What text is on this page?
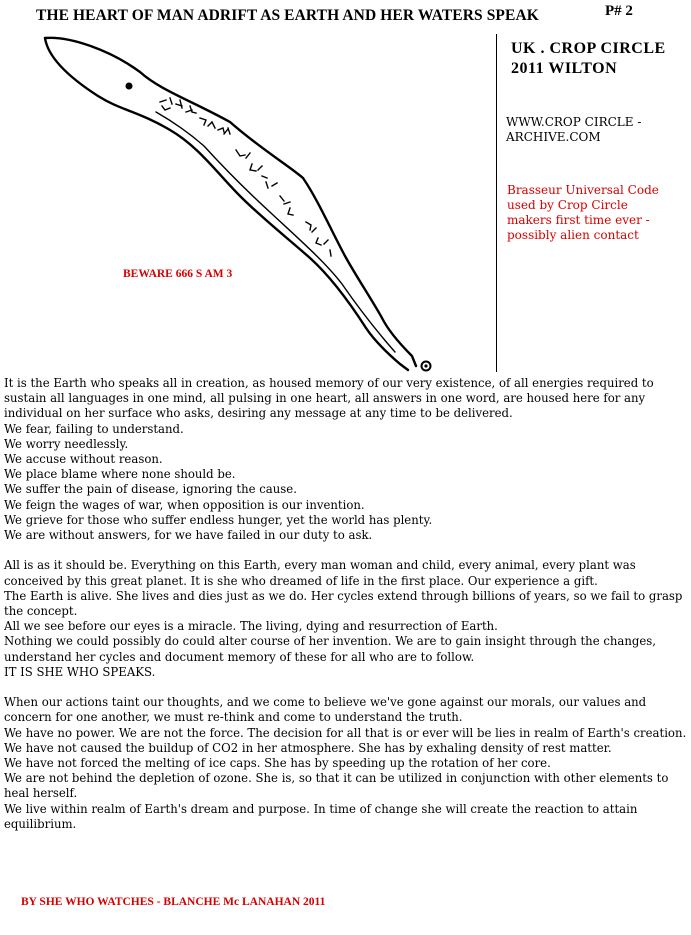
THE HEART OF MAN ADRIFT AS EARTH AND HER WATERS SPEAK	P# 2
UK . CROP CIRCLE
2011 WILTON
WWW.CROP CIRCLE -
ARCHIVE.COM
Brasseur Universal Code
used by Crop Circle
makers first time ever -
possibly alien contact
BEWARE 666 S AM 3

It is the Earth who speaks all in creation, as housed memory of our very existence, of all energies required to sustain all languages in one mind, all pulsing in one heart, all answers in one word, are housed here for any individual on her surface who asks, desiring any message at any time to be delivered.

We fear, failing to understand.

We worry needlessly.

We accuse without reason.

We place blame where none should be.

We suffer the pain of disease, ignoring the cause.

We feign the wages of war, when opposition is our invention.

We grieve for those who suffer endless hunger, yet the world has plenty.

We are without answers, for we have failed in our duty to ask.

All is as it should be. Everything on this Earth, every man woman and child, every animal, every plant was conceived by this great planet. It is she who dreamed of life in the first place. Our experience a gift.

The Earth is alive. She lives and dies just as we do. Her cycles extend through billions of years, so we fail to grasp the concept.

All we see before our eyes is a miracle. The living, dying and resurrection of Earth.

Nothing we could possibly do could alter course of her invention. We are to gain insight through the changes, understand her cycles and document memory of these for all who are to follow.

IT IS SHE WHO SPEAKS.

When our actions taint our thoughts, and we come to believe we've gone against our morals, our values and concern for one another, we must re-think and come to understand the truth.

We have no power. We are not the force. The decision for all that is or ever will be lies in realm of Earth's creation.

We have not caused the buildup of CO2 in her atmosphere. She has by exhaling density of rest matter.

We have not forced the melting of ice caps. She has by speeding up the rotation of her core.

We are not behind the depletion of ozone. She is, so that it can be utilized in conjunction with other elements to heal herself.

We live within realm of Earth's dream and purpose. In time of change she will create the reaction to attain equilibrium.

BY SHE WHO WATCHES - BLANCHE Mc LANAHAN 2011
